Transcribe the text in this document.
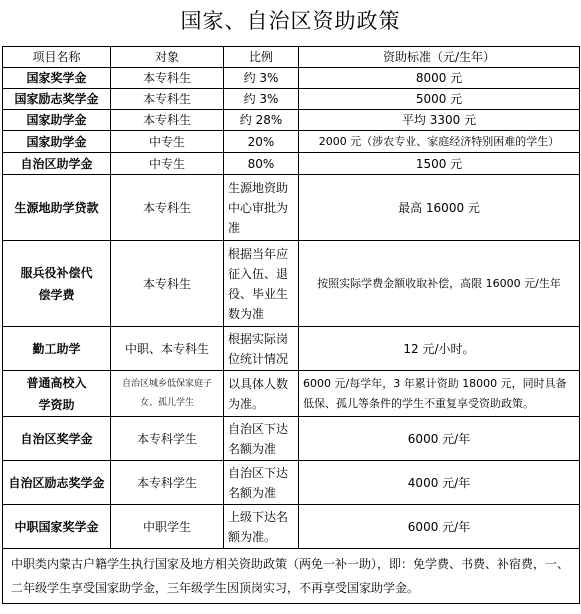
国家、自治区资助政策
项目名称	对象	比例	资助标准（元/生年）
国家奖学金	本专科生	约 3%	8000 元
国家励志奖学金	本专科生	约 3%	5000 元
国家助学金	本专科生	约 28%	平均 3300 元
国家助学金	中专生	20%	2000 元（涉农专业、家庭经济特别困难的学生）
自治区助学金	中专生	80%	1500 元
生源地助学贷款	本专科生	生源地资助中心审批为准	最高 16000 元
服兵役补偿代偿学费	本专科生	根据当年应征入伍、退役、毕业生数为准	按照实际学费金额收取补偿，高限 16000 元/生年
勤工助学	中职、本专科生	根据实际岗位统计情况	12 元/小时。
普通高校入学资助	自治区城乡低保家庭子女、孤儿学生	以具体人数为准。	6000 元/每学年，3 年累计资助 18000 元，同时具备低保、孤儿等条件的学生不重复享受资助政策。
自治区奖学金	本专科学生	自治区下达名额为准	6000 元/年
自治区励志奖学金	本专科学生	自治区下达名额为准	4000 元/年
中职国家奖学金	中职学生	上级下达名额为准。	6000 元/年
中职类内蒙古户籍学生执行国家及地方相关资助政策（两免一补一助），即：免学费、书费、补宿费，一、二年级学生享受国家助学金，三年级学生因顶岗实习，不再享受国家助学金。			
